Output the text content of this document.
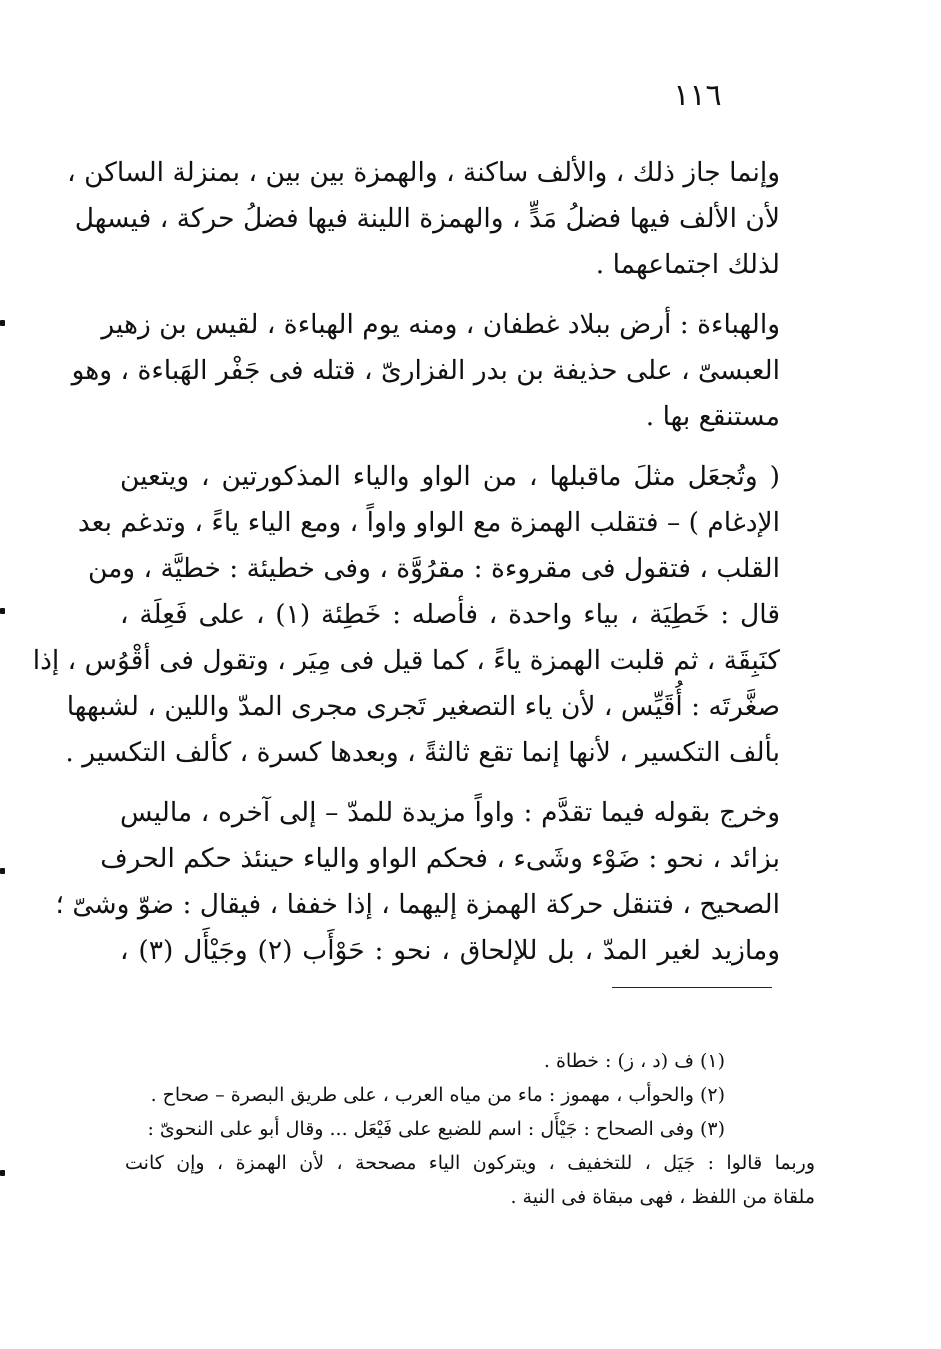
١١٦
وإنما جاز ذلك ، والألف ساكنة ، والهمزة بين بين ، بمنزلة الساكن ،
لأن الألف فيها فضلُ مَدٍّ ، والهمزة اللينة فيها فضلُ حركة ، فيسهل
لذلك اجتماعهما .
والهباءة : أرض ببلاد غطفان ، ومنه يوم الهباءة ، لقيس بن زهير
العبسىّ ، على حذيفة بن بدر الفزارىّ ، قتله فى جَفْر الهَباءة ، وهو
مستنقع بها .
( وتُجعَل مثلَ ماقبلها ، من الواو والياء المذكورتين ، ويتعين
الإدغام ) – فتقلب الهمزة مع الواو واواً ، ومع الياء ياءً ، وتدغم بعد
القلب ، فتقول فى مقروءة : مقرُوَّة ، وفى خطيئة : خطيَّة ، ومن
قال : خَطِيَة ، بياء واحدة ، فأصله : خَطِئة (١) ، على فَعِلَة ،
كنَبِقَة ، ثم قلبت الهمزة ياءً ، كما قيل فى مِيَر ، وتقول فى أقْوُس ، إذا
صغَّرتَه : أُقَيِّس ، لأن ياء التصغير تَجرى مجرى المدّ واللين ، لشبهها
بألف التكسير ، لأنها إنما تقع ثالثةً ، وبعدها كسرة ، كألف التكسير .
وخرج بقوله فيما تقدَّم : واواً مزيدة للمدّ – إلى آخره ، ماليس
بزائد ، نحو : ضَوْء وشَىء ، فحكم الواو والياء حينئذ حكم الحرف
الصحيح ، فتنقل حركة الهمزة إليهما ، إذا خففا ، فيقال : ضوّ وشىّ ؛
ومازيد لغير المدّ ، بل للإلحاق ، نحو : حَوْأَب (٢) وجَيْأَل (٣) ،
(١) ف (د ، ز) : خطاة .
(٢) والحوأب ، مهموز : ماء من مياه العرب ، على طريق البصرة – صحاح .
(٣) وفى الصحاح : جَيْأَل : اسم للضبع على فَيْعَل ... وقال أبو على النحوىّ :
وربما قالوا : جَيَل ، للتخفيف ، ويتركون الياء مصححة ، لأن الهمزة ، وإن كانت
ملقاة من اللفظ ، فهى مبقاة فى النية .
